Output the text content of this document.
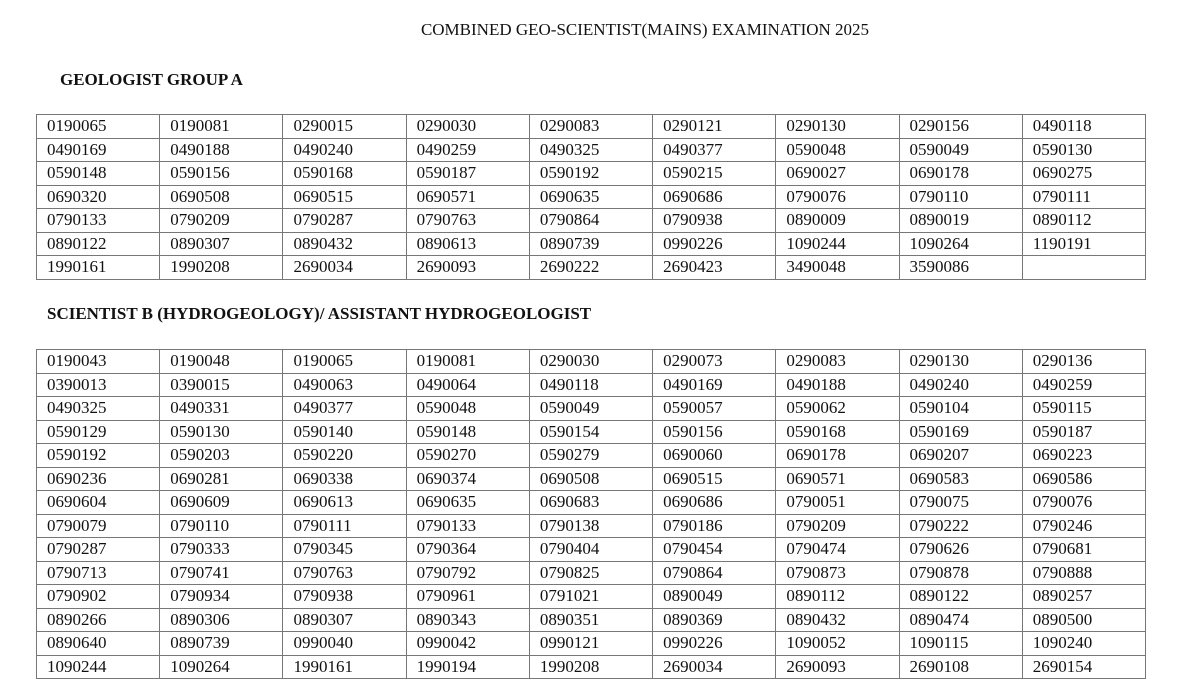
COMBINED GEO-SCIENTIST(MAINS) EXAMINATION 2025
GEOLOGIST GROUP A
0190065	0190081	0290015	0290030	0290083	0290121	0290130	0290156	0490118
0490169	0490188	0490240	0490259	0490325	0490377	0590048	0590049	0590130
0590148	0590156	0590168	0590187	0590192	0590215	0690027	0690178	0690275
0690320	0690508	0690515	0690571	0690635	0690686	0790076	0790110	0790111
0790133	0790209	0790287	0790763	0790864	0790938	0890009	0890019	0890112
0890122	0890307	0890432	0890613	0890739	0990226	1090244	1090264	1190191
1990161	1990208	2690034	2690093	2690222	2690423	3490048	3590086	
SCIENTIST B (HYDROGEOLOGY)/ ASSISTANT HYDROGEOLOGIST
0190043	0190048	0190065	0190081	0290030	0290073	0290083	0290130	0290136
0390013	0390015	0490063	0490064	0490118	0490169	0490188	0490240	0490259
0490325	0490331	0490377	0590048	0590049	0590057	0590062	0590104	0590115
0590129	0590130	0590140	0590148	0590154	0590156	0590168	0590169	0590187
0590192	0590203	0590220	0590270	0590279	0690060	0690178	0690207	0690223
0690236	0690281	0690338	0690374	0690508	0690515	0690571	0690583	0690586
0690604	0690609	0690613	0690635	0690683	0690686	0790051	0790075	0790076
0790079	0790110	0790111	0790133	0790138	0790186	0790209	0790222	0790246
0790287	0790333	0790345	0790364	0790404	0790454	0790474	0790626	0790681
0790713	0790741	0790763	0790792	0790825	0790864	0790873	0790878	0790888
0790902	0790934	0790938	0790961	0791021	0890049	0890112	0890122	0890257
0890266	0890306	0890307	0890343	0890351	0890369	0890432	0890474	0890500
0890640	0890739	0990040	0990042	0990121	0990226	1090052	1090115	1090240
1090244	1090264	1990161	1990194	1990208	2690034	2690093	2690108	2690154
